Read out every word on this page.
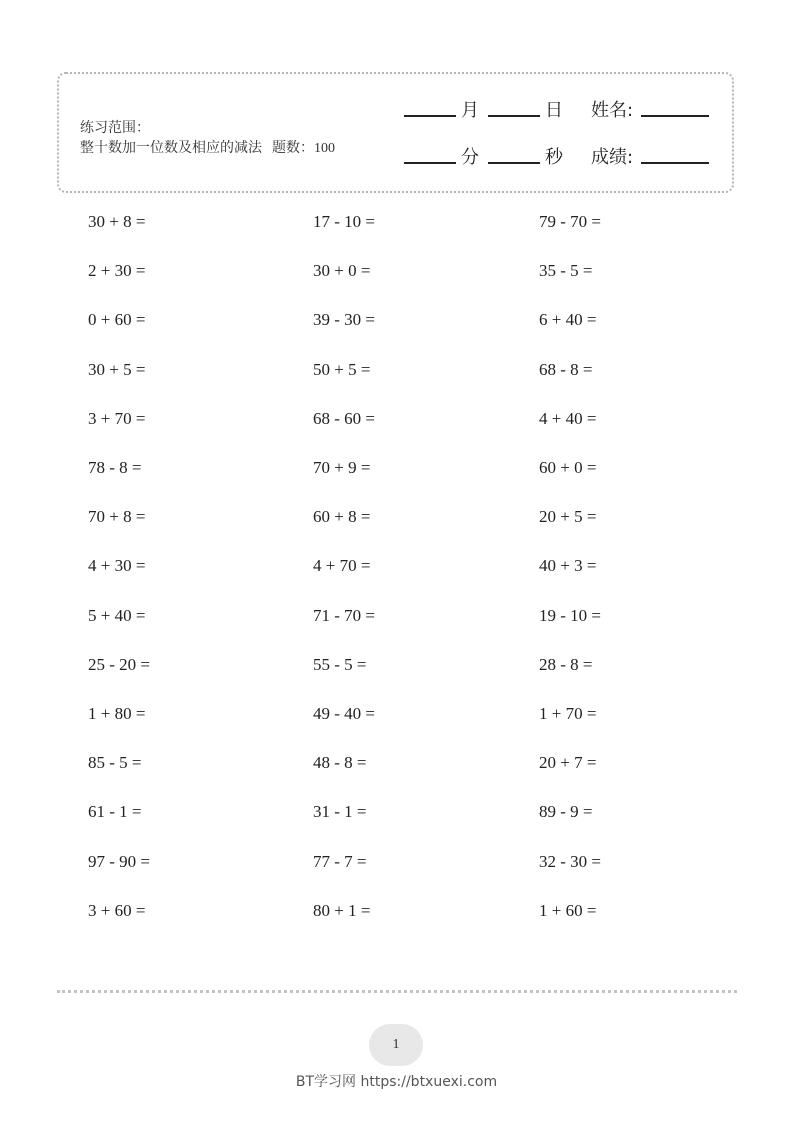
练习范围：
整十数加一位数及相应的减法 题数：100
月	日 姓名:
分	秒 成绩:
30 + 8 =	17 - 10 =	79 - 70 =
2 + 30 =	30 + 0 =	35 - 5 =
0 + 60 =	39 - 30 =	6 + 40 =
30 + 5 =	50 + 5 =	68 - 8 =
3 + 70 =	68 - 60 =	4 + 40 =
78 - 8 =	70 + 9 =	60 + 0 =
70 + 8 =	60 + 8 =	20 + 5 =
4 + 30 =	4 + 70 =	40 + 3 =
5 + 40 =	71 - 70 =	19 - 10 =
25 - 20 =	55 - 5 =	28 - 8 =
1 + 80 =	49 - 40 =	1 + 70 =
85 - 5 =	48 - 8 =	20 + 7 =
61 - 1 =	31 - 1 =	89 - 9 =
97 - 90 =	77 - 7 =	32 - 30 =
3 + 60 =	80 + 1 =	1 + 60 =
1
BT学习网 https://btxuexi.com
